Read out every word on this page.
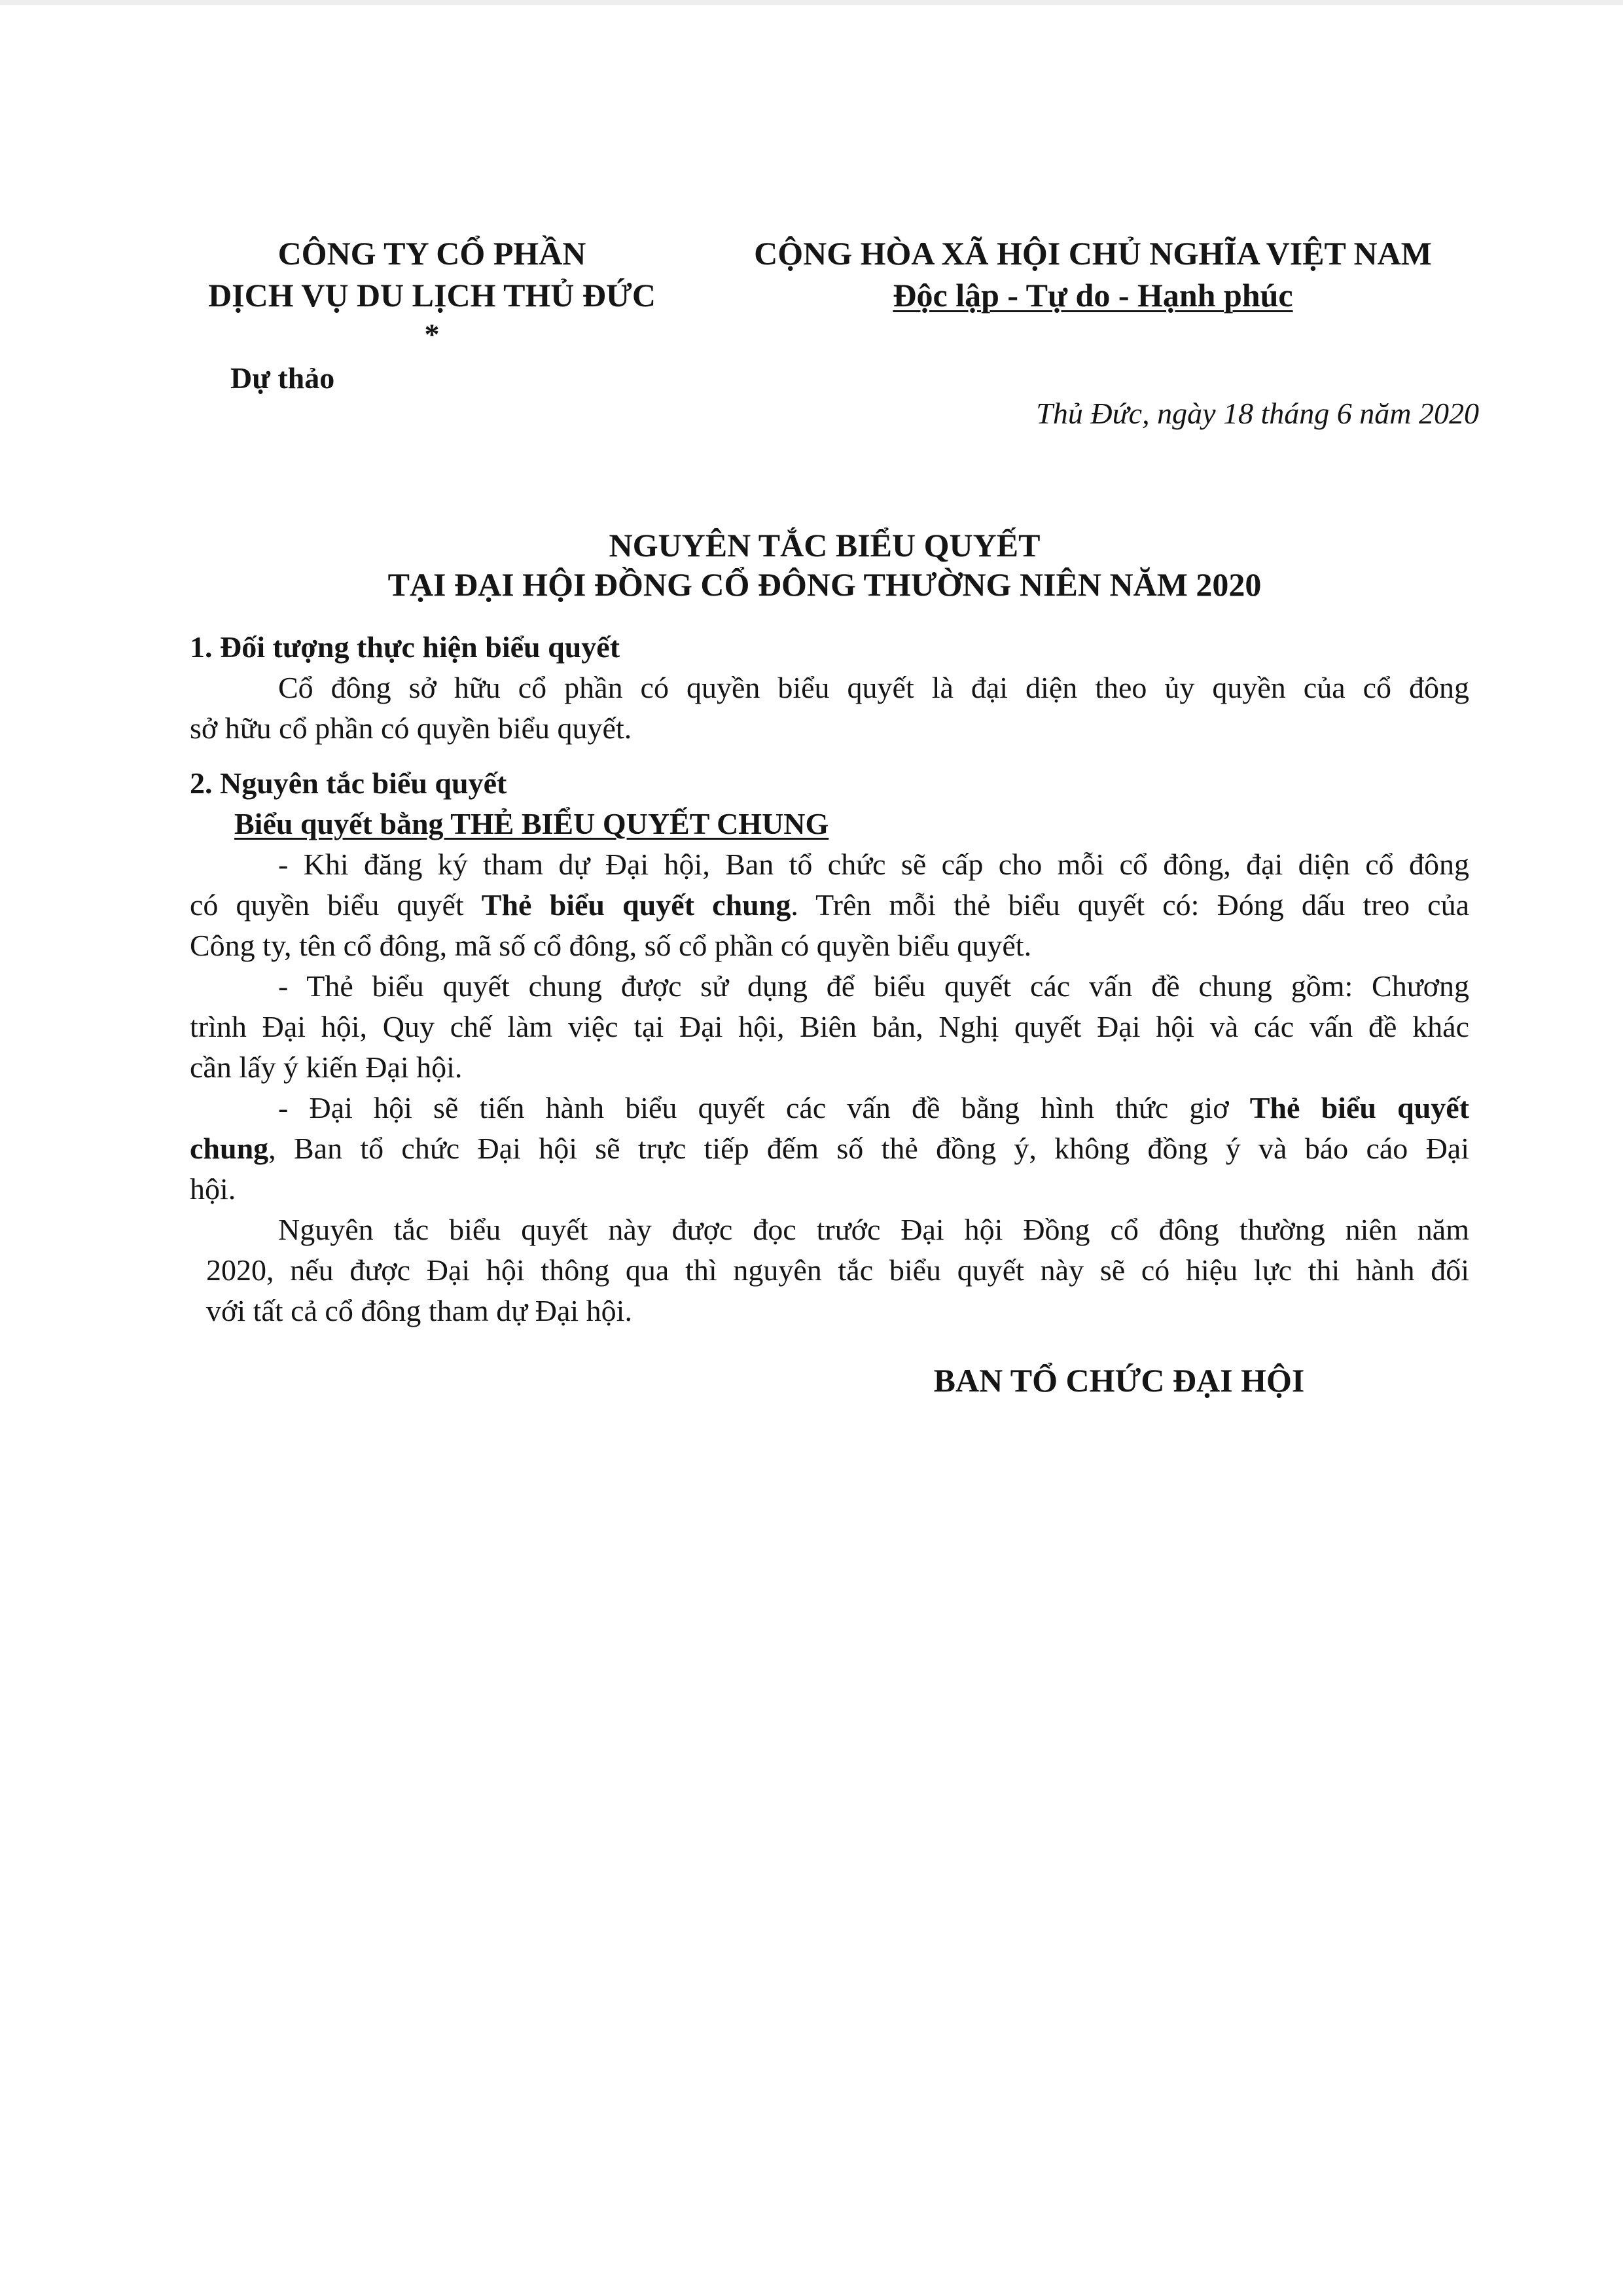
CÔNG TY CỔ PHẦN
DỊCH VỤ DU LỊCH THỦ ĐỨC
*
Dự thảo
CỘNG HÒA XÃ HỘI CHỦ NGHĨA VIỆT NAM
Độc lập - Tự do - Hạnh phúc
Thủ Đức, ngày 18 tháng 6 năm 2020
NGUYÊN TẮC BIỂU QUYẾT
TẠI ĐẠI HỘI ĐỒNG CỔ ĐÔNG THƯỜNG NIÊN NĂM 2020
1. Đối tượng thực hiện biểu quyết
Cổ đông sở hữu cổ phần có quyền biểu quyết là đại diện theo ủy quyền của cổ đông
sở hữu cổ phần có quyền biểu quyết.
2. Nguyên tắc biểu quyết
Biểu quyết bằng THẺ BIỂU QUYẾT CHUNG
- Khi đăng ký tham dự Đại hội, Ban tổ chức sẽ cấp cho mỗi cổ đông, đại diện cổ đông
có quyền biểu quyết Thẻ biểu quyết chung. Trên mỗi thẻ biểu quyết có: Đóng dấu treo của
Công ty, tên cổ đông, mã số cổ đông, số cổ phần có quyền biểu quyết.
- Thẻ biểu quyết chung được sử dụng để biểu quyết các vấn đề chung gồm: Chương
trình Đại hội, Quy chế làm việc tại Đại hội, Biên bản, Nghị quyết Đại hội và các vấn đề khác
cần lấy ý kiến Đại hội.
- Đại hội sẽ tiến hành biểu quyết các vấn đề bằng hình thức giơ Thẻ biểu quyết
chung, Ban tổ chức Đại hội sẽ trực tiếp đếm số thẻ đồng ý, không đồng ý và báo cáo Đại
hội.
Nguyên tắc biểu quyết này được đọc trước Đại hội Đồng cổ đông thường niên năm
2020, nếu được Đại hội thông qua thì nguyên tắc biểu quyết này sẽ có hiệu lực thi hành đối
với tất cả cổ đông tham dự Đại hội.
BAN TỔ CHỨC ĐẠI HỘI
